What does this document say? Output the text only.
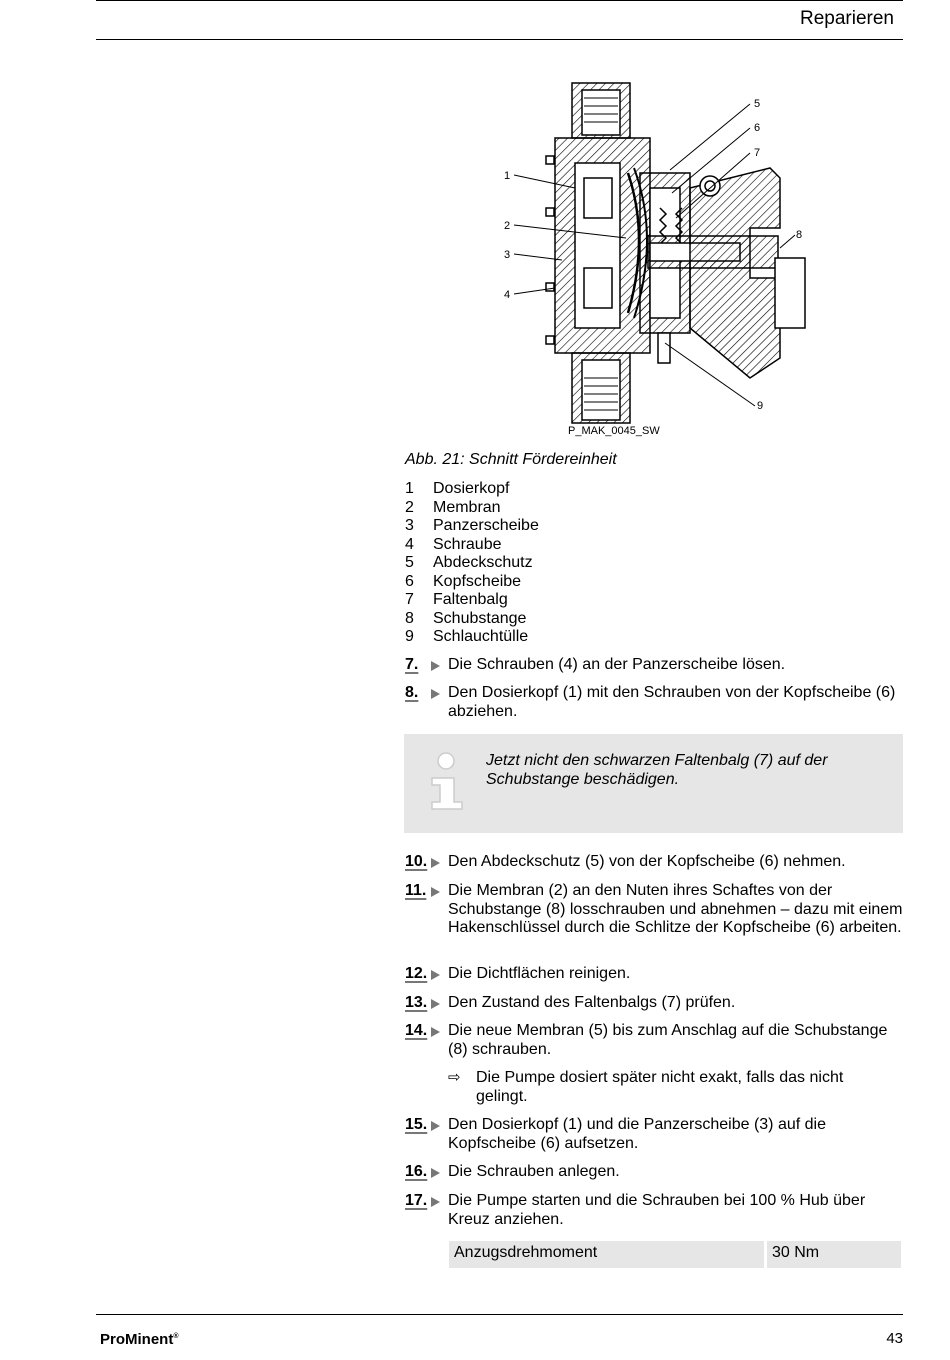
Reparieren
1
2
3
4
5
6
7
8
9
P_MAK_0045_SW
Abb. 21: Schnitt Fördereinheit
1	Dosierkopf
2	Membran
3	Panzerscheibe
4	Schraube
5	Abdeckschutz
6	Kopfscheibe
7	Faltenbalg
8	Schubstange
9	Schlauchtülle
7.	Die Schrauben (4) an der Panzerscheibe lösen.
8.	Den Dosierkopf (1) mit den Schrauben von der Kopfscheibe (6) abziehen.
Jetzt nicht den schwarzen Faltenbalg (7) auf der Schubstange beschädigen.
10.	Den Abdeckschutz (5) von der Kopfscheibe (6) nehmen.
11.	Die Membran (2) an den Nuten ihres Schaftes von der Schubstange (8) losschrauben und abnehmen – dazu mit einem Hakenschlüssel durch die Schlitze der Kopfscheibe (6) arbeiten.
12.	Die Dichtflächen reinigen.
13.	Den Zustand des Faltenbalgs (7) prüfen.
14.	Die neue Membran (5) bis zum Anschlag auf die Schubstange (8) schrauben.
⇨ Die Pumpe dosiert später nicht exakt, falls das nicht gelingt.
15.	Den Dosierkopf (1) und die Panzerscheibe (3) auf die Kopfscheibe (6) aufsetzen.
16.	Die Schrauben anlegen.
17.	Die Pumpe starten und die Schrauben bei 100 % Hub über Kreuz anziehen.
Anzugsdrehmoment	30 Nm
ProMinent®	43
